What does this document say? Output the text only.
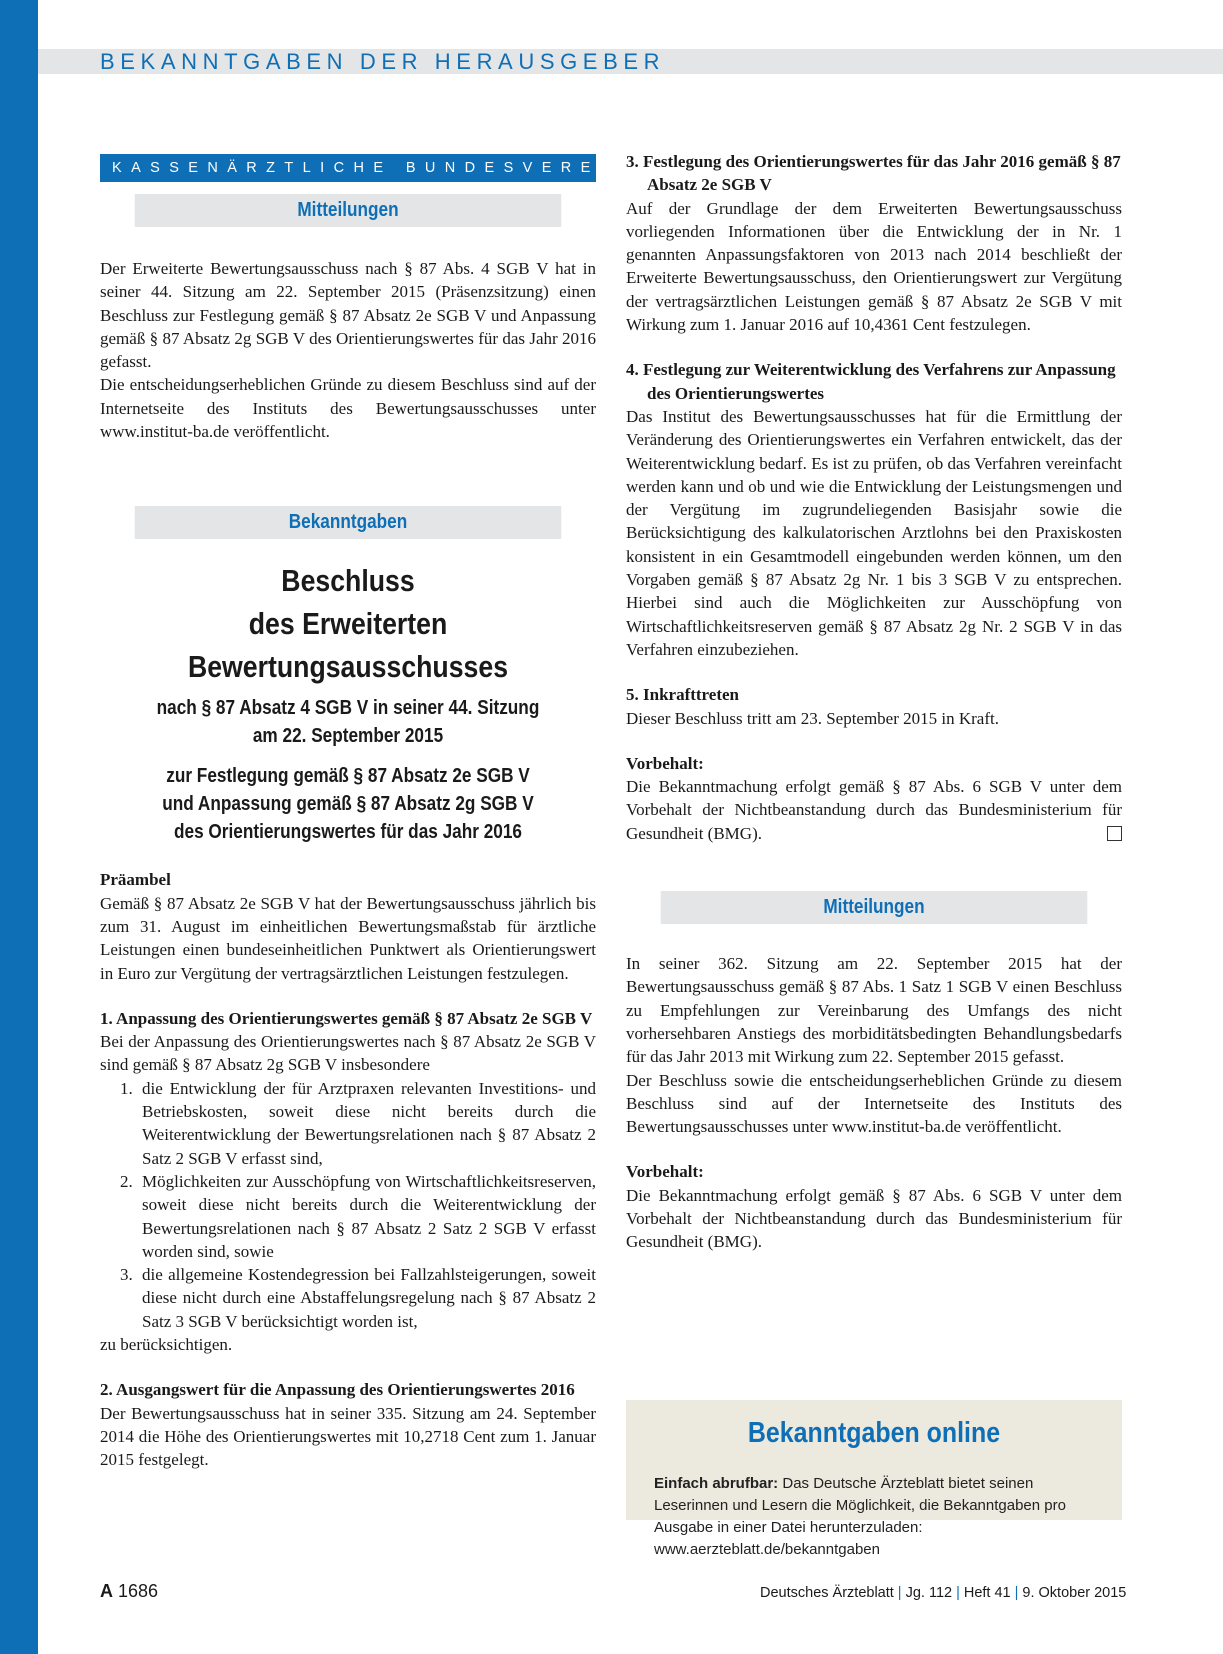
BEKANNTGABEN DER HERAUSGEBER
KASSENÄRZTLICHE BUNDESVEREINIGUNG
Mitteilungen

Der Erweiterte Bewertungsausschuss nach § 87 Abs. 4 SGB V hat in seiner 44. Sitzung am 22. September 2015 (Präsenzsitzung) einen Beschluss zur Festlegung gemäß § 87 Absatz 2e SGB V und Anpassung gemäß § 87 Absatz 2g SGB V des Orientierungswertes für das Jahr 2016 gefasst.

Die entscheidungserheblichen Gründe zu diesem Beschluss sind auf der Internetseite des Instituts des Bewertungsausschusses unter www.institut-ba.de veröffentlicht.

Bekanntgaben
Beschluss
des Erweiterten Bewertungsausschusses
nach § 87 Absatz 4 SGB V in seiner 44. Sitzung
am 22. September 2015
zur Festlegung gemäß § 87 Absatz 2e SGB V
und Anpassung gemäß § 87 Absatz 2g SGB V
des Orientierungswertes für das Jahr 2016

Präambel

Gemäß § 87 Absatz 2e SGB V hat der Bewertungsausschuss jährlich bis zum 31. August im einheitlichen Bewertungsmaßstab für ärztliche Leistungen einen bundeseinheitlichen Punktwert als Orientierungswert in Euro zur Vergütung der vertragsärztlichen Leistungen festzulegen.

1. Anpassung des Orientierungswertes gemäß § 87 Absatz 2e SGB V

Bei der Anpassung des Orientierungswertes nach § 87 Absatz 2e SGB V sind gemäß § 87 Absatz 2g SGB V insbesondere

1. die Entwicklung der für Arztpraxen relevanten Investitions- und Betriebskosten, soweit diese nicht bereits durch die Weiterentwicklung der Bewertungsrelationen nach § 87 Absatz 2 Satz 2 SGB V erfasst sind,
2. Möglichkeiten zur Ausschöpfung von Wirtschaftlichkeitsreserven, soweit diese nicht bereits durch die Weiterentwicklung der Bewertungsrelationen nach § 87 Absatz 2 Satz 2 SGB V erfasst worden sind, sowie
3. die allgemeine Kostendegression bei Fallzahlsteigerungen, soweit diese nicht durch eine Abstaffelungsregelung nach § 87 Absatz 2 Satz 3 SGB V berücksichtigt worden ist,

zu berücksichtigen.

2. Ausgangswert für die Anpassung des Orientierungswertes 2016

Der Bewertungsausschuss hat in seiner 335. Sitzung am 24. September 2014 die Höhe des Orientierungswertes mit 10,2718 Cent zum 1. Januar 2015 festgelegt.

3. Festlegung des Orientierungswertes für das Jahr 2016 gemäß § 87 Absatz 2e SGB V

Auf der Grundlage der dem Erweiterten Bewertungsausschuss vorliegenden Informationen über die Entwicklung der in Nr. 1 genannten Anpassungsfaktoren von 2013 nach 2014 beschließt der Erweiterte Bewertungsausschuss, den Orientierungswert zur Vergütung der vertragsärztlichen Leistungen gemäß § 87 Absatz 2e SGB V mit Wirkung zum 1. Januar 2016 auf 10,4361 Cent festzulegen.

4. Festlegung zur Weiterentwicklung des Verfahrens zur Anpassung des Orientierungswertes

Das Institut des Bewertungsausschusses hat für die Ermittlung der Veränderung des Orientierungswertes ein Verfahren entwickelt, das der Weiterentwicklung bedarf. Es ist zu prüfen, ob das Verfahren vereinfacht werden kann und ob und wie die Entwicklung der Leistungsmengen und der Vergütung im zugrundeliegenden Basisjahr sowie die Berücksichtigung des kalkulatorischen Arztlohns bei den Praxiskosten konsistent in ein Gesamtmodell eingebunden werden können, um den Vorgaben gemäß § 87 Absatz 2g Nr. 1 bis 3 SGB V zu entsprechen. Hierbei sind auch die Möglichkeiten zur Ausschöpfung von Wirtschaftlichkeitsreserven gemäß § 87 Absatz 2g Nr. 2 SGB V in das Verfahren einzubeziehen.

5. Inkrafttreten

Dieser Beschluss tritt am 23. September 2015 in Kraft.

Vorbehalt:

Die Bekanntmachung erfolgt gemäß § 87 Abs. 6 SGB V unter dem Vorbehalt der Nichtbeanstandung durch das Bundesministerium für Gesundheit (BMG).

Mitteilungen

In seiner 362. Sitzung am 22. September 2015 hat der Bewertungsausschuss gemäß § 87 Abs. 1 Satz 1 SGB V einen Beschluss zu Empfehlungen zur Vereinbarung des Umfangs des nicht vorhersehbaren Anstiegs des morbiditätsbedingten Behandlungsbedarfs für das Jahr 2013 mit Wirkung zum 22. September 2015 gefasst.

Der Beschluss sowie die entscheidungserheblichen Gründe zu diesem Beschluss sind auf der Internetseite des Instituts des Bewertungsausschusses unter www.institut-ba.de veröffentlicht.

Vorbehalt:

Die Bekanntmachung erfolgt gemäß § 87 Abs. 6 SGB V unter dem Vorbehalt der Nichtbeanstandung durch das Bundesministerium für Gesundheit (BMG).

Bekanntgaben online
Einfach abrufbar: Das Deutsche Ärzteblatt bietet seinen Leserinnen und Lesern die Möglichkeit, die Bekanntgaben pro Ausgabe in einer Datei herunterzuladen: www.aerzteblatt.de/bekanntgaben
A 1686	Deutsches Ärzteblatt | Jg. 112 | Heft 41 | 9. Oktober 2015
